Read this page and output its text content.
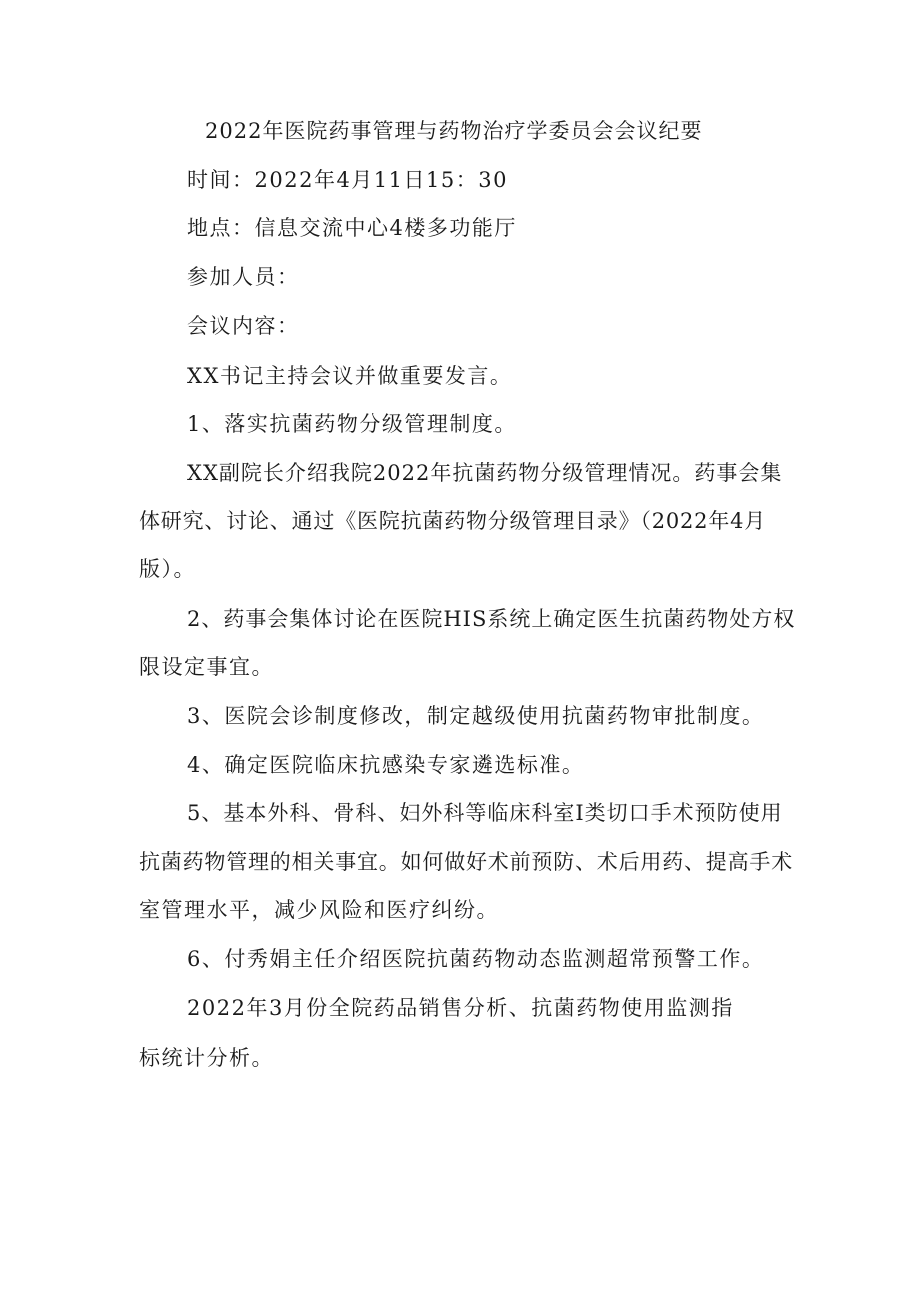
2022年医院药事管理与药物治疗学委员会会议纪要
时间：2022年4月11日15：30
地点：信息交流中心4楼多功能厅
参加人员：
会议内容：
XX书记主持会议并做重要发言。
1、落实抗菌药物分级管理制度。
XX副院长介绍我院2022年抗菌药物分级管理情况。药事会集
体研究、讨论、通过《医院抗菌药物分级管理目录》（2022年4月
版）。
2、药事会集体讨论在医院HIS系统上确定医生抗菌药物处方权
限设定事宜。
3、医院会诊制度修改，制定越级使用抗菌药物审批制度。
4、确定医院临床抗感染专家遴选标准。
5、基本外科、骨科、妇外科等临床科室Ⅰ类切口手术预防使用
抗菌药物管理的相关事宜。如何做好术前预防、术后用药、提高手术
室管理水平，减少风险和医疗纠纷。
6、付秀娟主任介绍医院抗菌药物动态监测超常预警工作。
2022年3月份全院药品销售分析、抗菌药物使用监测指
标统计分析。
